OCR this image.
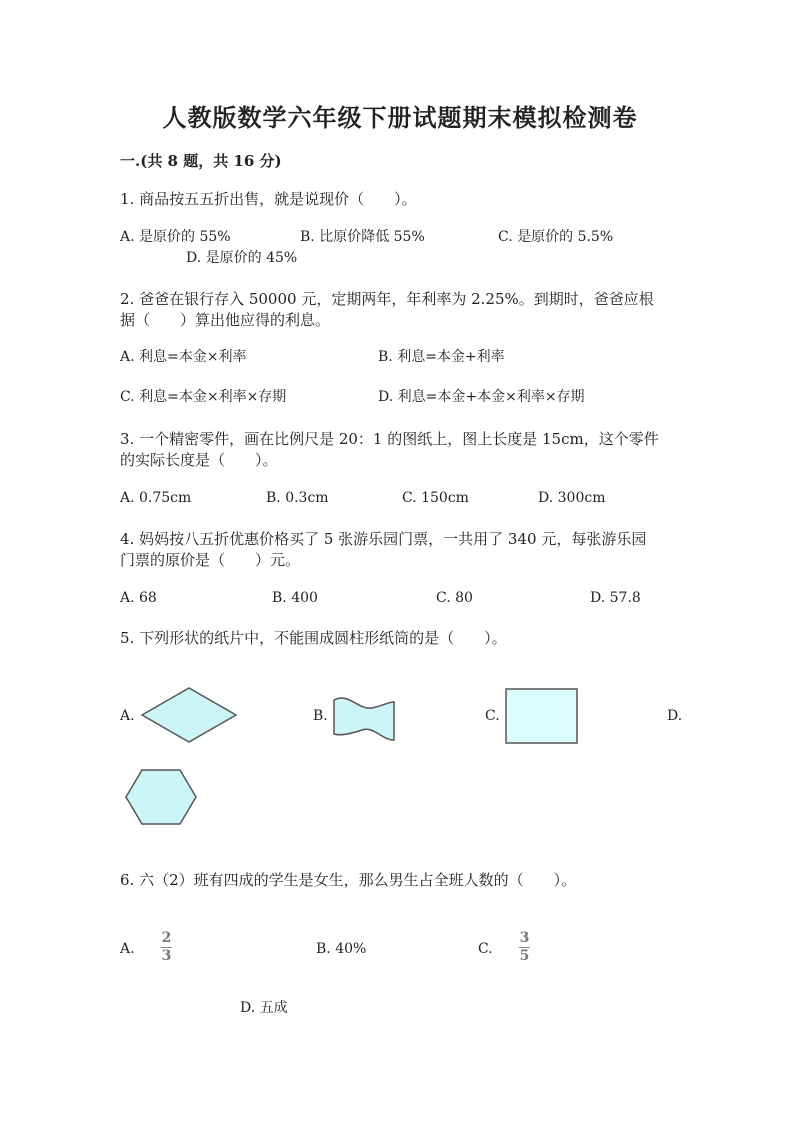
人教版数学六年级下册试题期末模拟检测卷
一.(共 8 题，共 16 分)
1. 商品按五五折出售，就是说现价（　　）。
A. 是原价的 55%	B. 比原价降低 55%	C. 是原价的 5.5%
D. 是原价的 45%
2. 爸爸在银行存入 50000 元，定期两年，年利率为 2.25%。到期时，爸爸应根
据（　　）算出他应得的利息。
A. 利息=本金×利率	B. 利息=本金+利率
C. 利息=本金×利率×存期	D. 利息=本金+本金×利率×存期
3. 一个精密零件，画在比例尺是 20：1 的图纸上，图上长度是 15cm，这个零件
的实际长度是（　　）。
A. 0.75cm	B. 0.3cm	C. 150cm	D. 300cm
4. 妈妈按八五折优惠价格买了 5 张游乐园门票，一共用了 340 元，每张游乐园
门票的原价是（　　）元。
A. 68	B. 400	C. 80	D. 57.8
5. 下列形状的纸片中，不能围成圆柱形纸筒的是（　　）。
A.	B.	C.	D.
6. 六（2）班有四成的学生是女生，那么男生占全班人数的（　　）。
A.
2
3	B. 40%	C.
3
5
D. 五成
